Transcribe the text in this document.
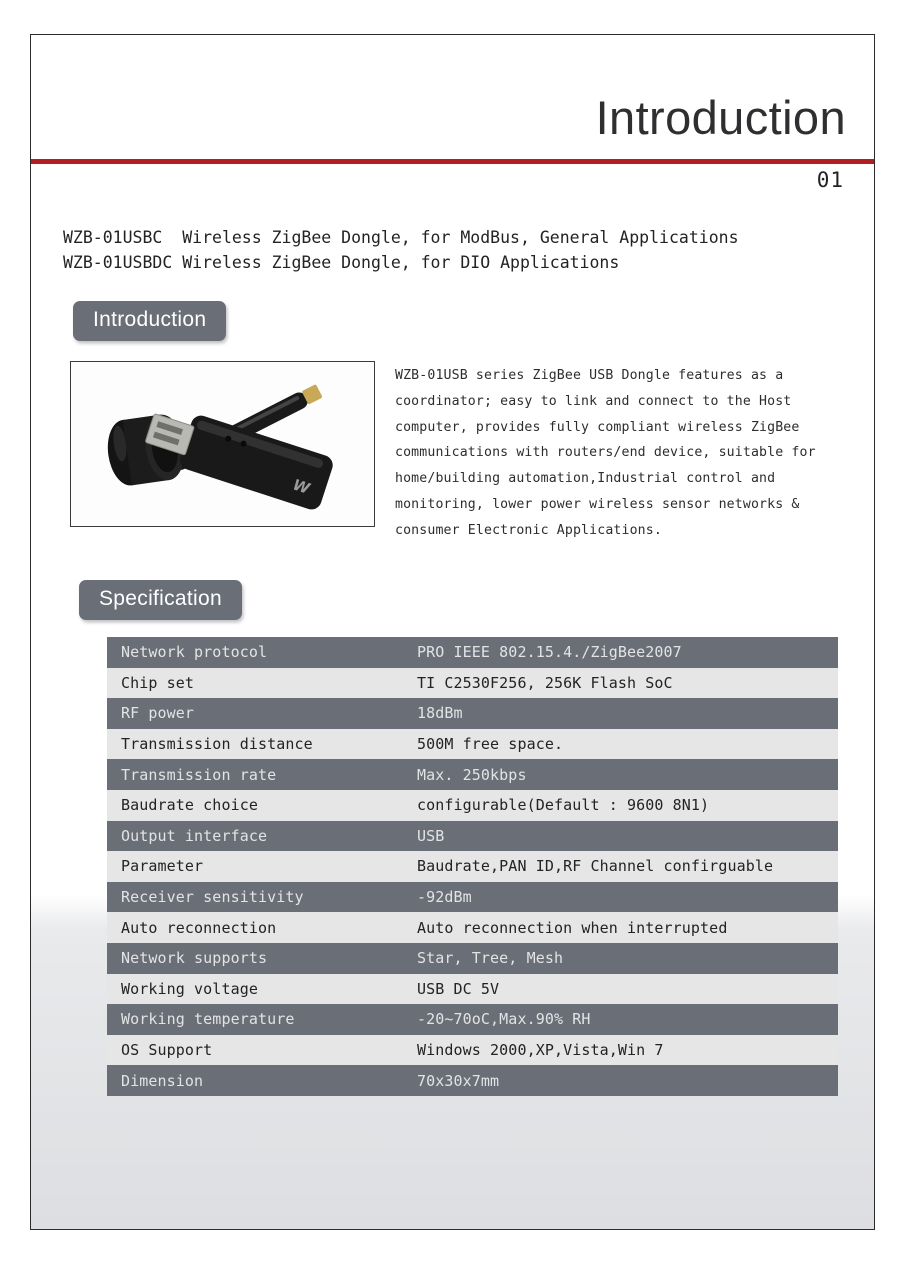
Introduction
01
WZB-01USBC  Wireless ZigBee Dongle, for ModBus, General Applications
WZB-01USBDC Wireless ZigBee Dongle, for DIO Applications
Introduction
W
WZB-01USB series ZigBee USB Dongle features as a coordinator; easy to link and connect to the Host computer, provides fully compliant wireless ZigBee communications with routers/end device, suitable for home/building automation,Industrial control and monitoring, lower power wireless sensor networks & consumer Electronic Applications.
Specification
Network protocol	PRO IEEE 802.15.4./ZigBee2007
Chip set	TI C2530F256, 256K Flash SoC
RF power	18dBm
Transmission distance	500M free space.
Transmission rate	Max. 250kbps
Baudrate choice	configurable(Default : 9600 8N1)
Output interface	USB
Parameter	Baudrate,PAN ID,RF Channel confirguable
Receiver sensitivity	-92dBm
Auto reconnection	Auto reconnection when interrupted
Network supports	Star, Tree, Mesh
Working voltage	USB DC 5V
Working temperature	-20~70oC,Max.90% RH
OS Support	Windows 2000,XP,Vista,Win 7
Dimension	70x30x7mm
